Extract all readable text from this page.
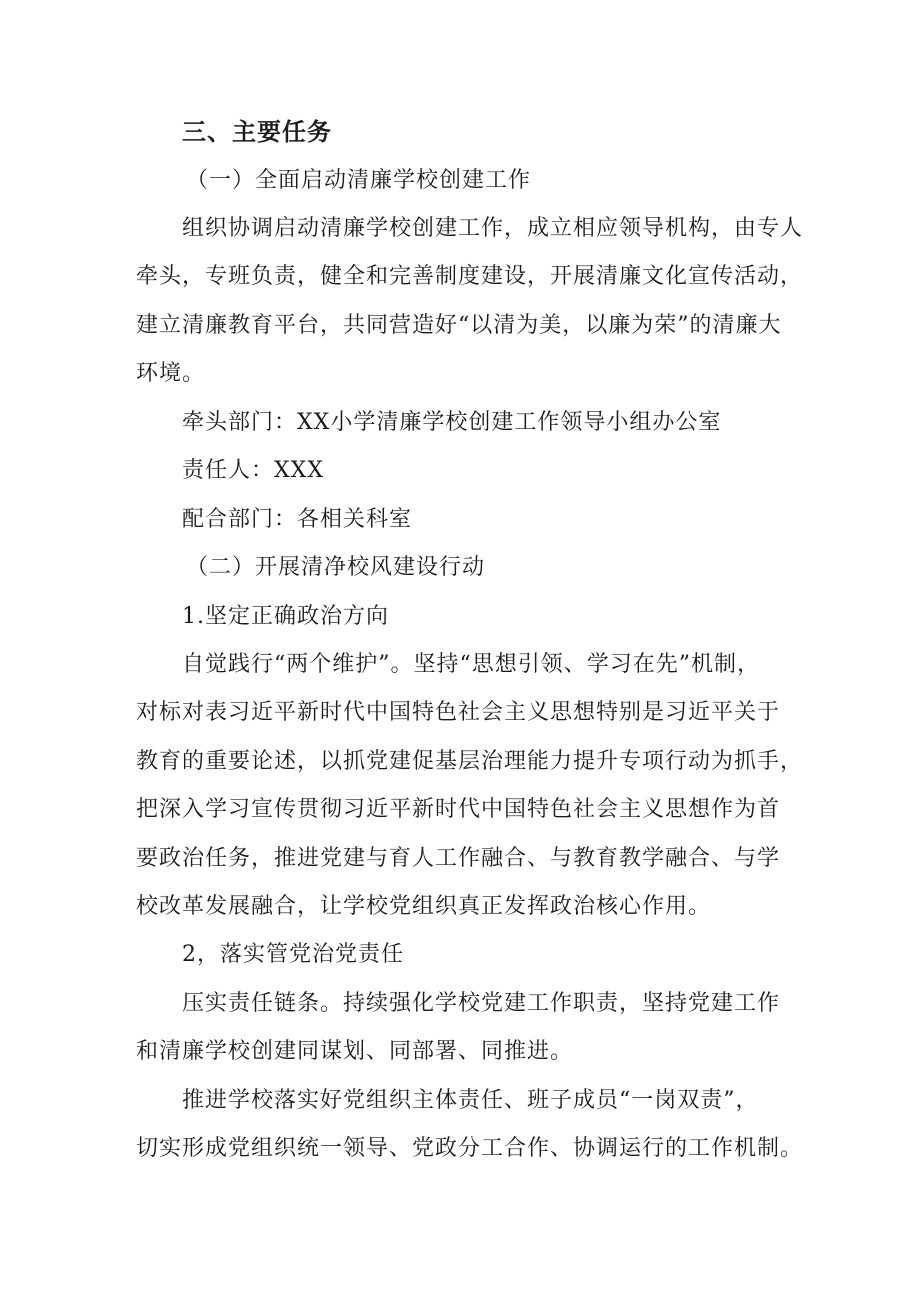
三、主要任务
（一）全面启动清廉学校创建工作
组织协调启动清廉学校创建工作，成立相应领导机构，由专人
牵头，专班负责，健全和完善制度建设，开展清廉文化宣传活动，
建立清廉教育平台，共同营造好“以清为美，以廉为荣”的清廉大
环境。
牵头部门：XX小学清廉学校创建工作领导小组办公室
责任人：XXX
配合部门：各相关科室
（二）开展清净校风建设行动
1.坚定正确政治方向
自觉践行“两个维护”。坚持“思想引领、学习在先”机制，
对标对表习近平新时代中国特色社会主义思想特别是习近平关于
教育的重要论述，以抓党建促基层治理能力提升专项行动为抓手，
把深入学习宣传贯彻习近平新时代中国特色社会主义思想作为首
要政治任务，推进党建与育人工作融合、与教育教学融合、与学
校改革发展融合，让学校党组织真正发挥政治核心作用。
2，落实管党治党责任
压实责任链条。持续强化学校党建工作职责，坚持党建工作
和清廉学校创建同谋划、同部署、同推进。
推进学校落实好党组织主体责任、班子成员“一岗双责”，
切实形成党组织统一领导、党政分工合作、协调运行的工作机制。
